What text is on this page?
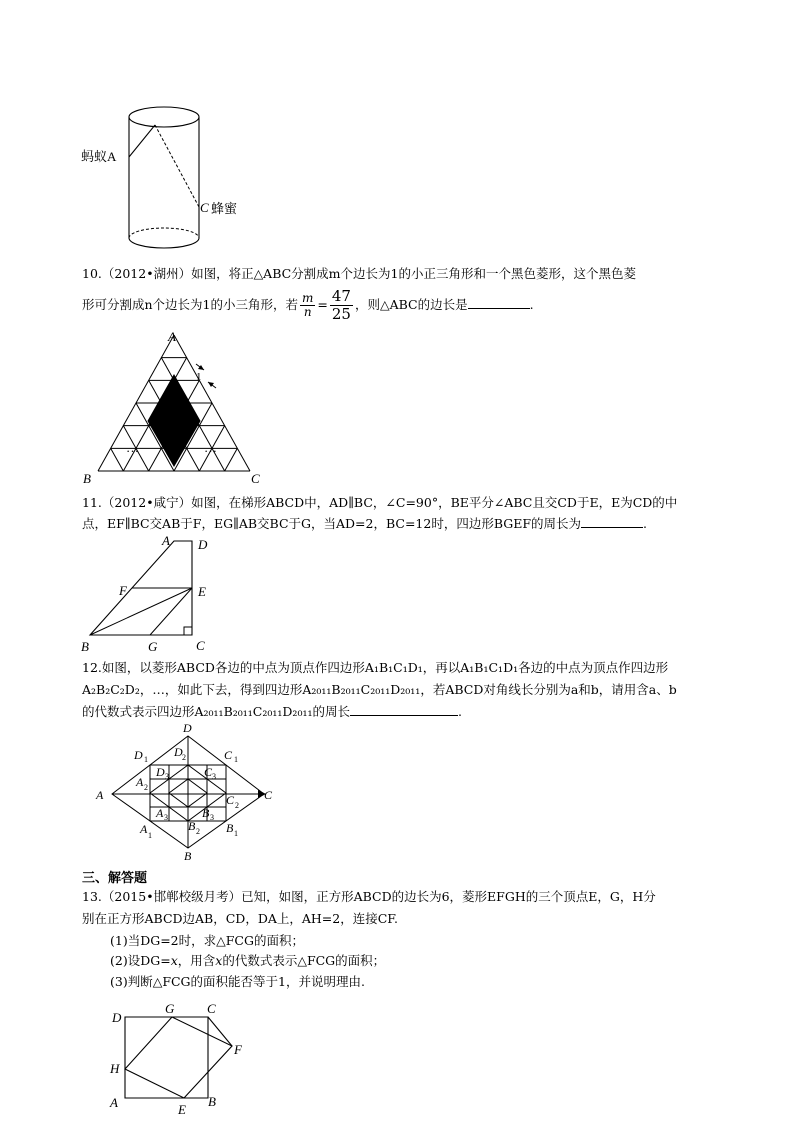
蚂蚁A
C 蜂蜜
10.（2012•湖州）如图，将正△ABC分割成m个边长为1的小正三角形和一个黑色菱形，这个黑色菱
形可分割成n个边长为1的小三角形，若 $\frac{m}{n} = \frac{47}{25}$ ，则△ABC的边长是	.
A
B	C
1
…	…
11.（2012•咸宁）如图，在梯形ABCD中，AD∥BC，∠C=90°，BE平分∠ABC且交CD于E，E为CD的中
点，EF∥BC交AB于F，EG∥AB交BC于G，当AD=2，BC=12时，四边形BGEF的周长为	.
A D
F	E
B	G	C
12.如图，以菱形ABCD各边的中点为顶点作四边形A₁B₁C₁D₁，再以A₁B₁C₁D₁各边的中点为顶点作四边形
A₂B₂C₂D₂，…，如此下去，得到四边形A₂₀₁₁B₂₀₁₁C₂₀₁₁D₂₀₁₁，若ABCD对角线长分别为a和b，请用含a、b
的代数式表示四边形A₂₀₁₁B₂₀₁₁C₂₀₁₁D₂₀₁₁的周长	.
D
A	C
B
D 1	C 1
A 1
B 1
D 2
A 2
C 2
B 2
D 3	C 3
A 3	B 3
三、解答题
13.（2015•邯郸校级月考）已知，如图，正方形ABCD的边长为6，菱形EFGH的三个顶点E，G，H分
别在正方形ABCD边AB，CD，DA上，AH=2，连接CF.
(1)当DG=2时，求△FCG的面积；
(2)设DG=x，用含x的代数式表示△FCG的面积；
(3)判断△FCG的面积能否等于1，并说明理由.
D
G	C
F
H
A	E
B
